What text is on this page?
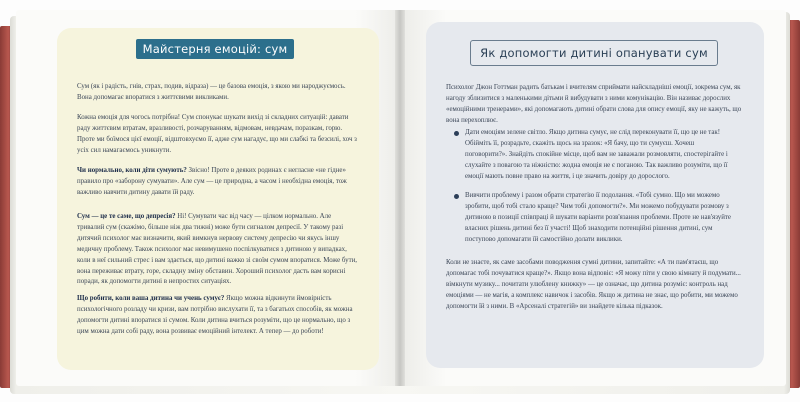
Майстерня емоцій: сум

Сум (як і радість, гнів, страх, подив, відраза) — це базова емоція, з якою ми народжуємось. Вона допомагає впоратися з життєвими викликами.

Кожна емоція для чогось потрібна! Сум спонукає шукати вихід зі складних ситуацій: давати раду життєвим втратам, вразливості, розчаруванням, відмовам, невдачам, поразкам, горю. Проте ми боїмося цієї емоції, відштовхуємо її, адже сум нагадує, що ми слабкі та безсилі, хоч з усіх сил намагаємось уникнути.

Чи нормально, коли діти сумують? Звісно! Проте в деяких родинах є негласне «не гідне» правило про «заборону сумувати». Але сум — це природна, а часом і необхідна емоція, тож важливо навчити дитину давати їй раду.

Сум — це те саме, що депресія? Ні! Сумувати час від часу — цілком нормально. Але тривалий сум (скажімо, більше ніж два тижні) може бути сигналом депресії. У такому разі дитячий психолог має визначити, який вимкнув нервову систему депресію чи якусь іншу медичну проблему. Також психолог має невимушено поспілкуватися з дитиною у випадках, коли в неї сильний стрес і вам здається, що дитині важко зі своїм сумом впоратися. Може бути, вона переживає втрату, горе, складну зміну обставин. Хороший психолог дасть вам корисні поради, як допомогти дитині в непростих ситуаціях.

Що робити, коли ваша дитина чи учень сумує? Якщо можна відкинути ймовірність психологічного розладу чи кризи, вам потрібно вислухати її, та з багатьох способів, як можна допомогти дитині впоратися зі сумом. Коли дитина вчиться розуміти, що це нормально, що з цим можна дати собі раду, вона розвиває емоційний інтелект. А тепер — до роботи!

Як допомогти дитині опанувати сум

Психолог Джон Готтман радить батькам і вчителям сприймати найскладніші емоції, зокрема сум, як нагоду зблизитися з маленькими дітьми й вибудувати з ними комунікацію. Він називає дорослих «емоційними тренерами», які допомагають дитині обрати слова для опису емоції, яку не кажуть, що вона перехоплює.

Дати емоціям зелене світло. Якщо дитина сумує, не слід переконувати її, що це не так! Обійміть її, розрадьте, скажіть щось на зразок: «Я бачу, що ти сумуєш. Хочеш поговорити?». Знайдіть спокійне місце, щоб вам не заважали розмовляти, спостерігайте і слухайте з повагою та ніжністю: жодна емоція не є поганою. Так важливо розуміти, що її емоції мають повне право на життя, і це значить довіру до дорослого.
Вивчити проблему і разом обрати стратегію її подолання. «Тобі сумно. Що ми можемо зробити, щоб тобі стало краще? Чим тобі допомогти?». Ми можемо побудувати розмову з дитиною в позиції співпраці й шукати варіанти розв'язання проблеми. Проте не нав'язуйте власних рішень дитині без її участі! Щоб знаходити потенційні рішення дитині, сум поступово допомагати їй самостійно долати виклики.

Коли не знаєте, як саме засобами поводження сумні дитини, запитайте: «А ти пам'ятаєш, що допомагає тобі почуватися краще?». Якщо вона відповіє: «Я можу піти у свою кімнату й подумати... вімкнути музику... почитати улюблену книжку» — це означає, що дитина розуміє: контроль над емоціями — не магія, а комплекс навичок і засобів. Якщо ж дитина не знає, що робити, ми можемо допомогти їй з ними. В «Арсеналі стратегій» ви знайдете кілька підказок.
